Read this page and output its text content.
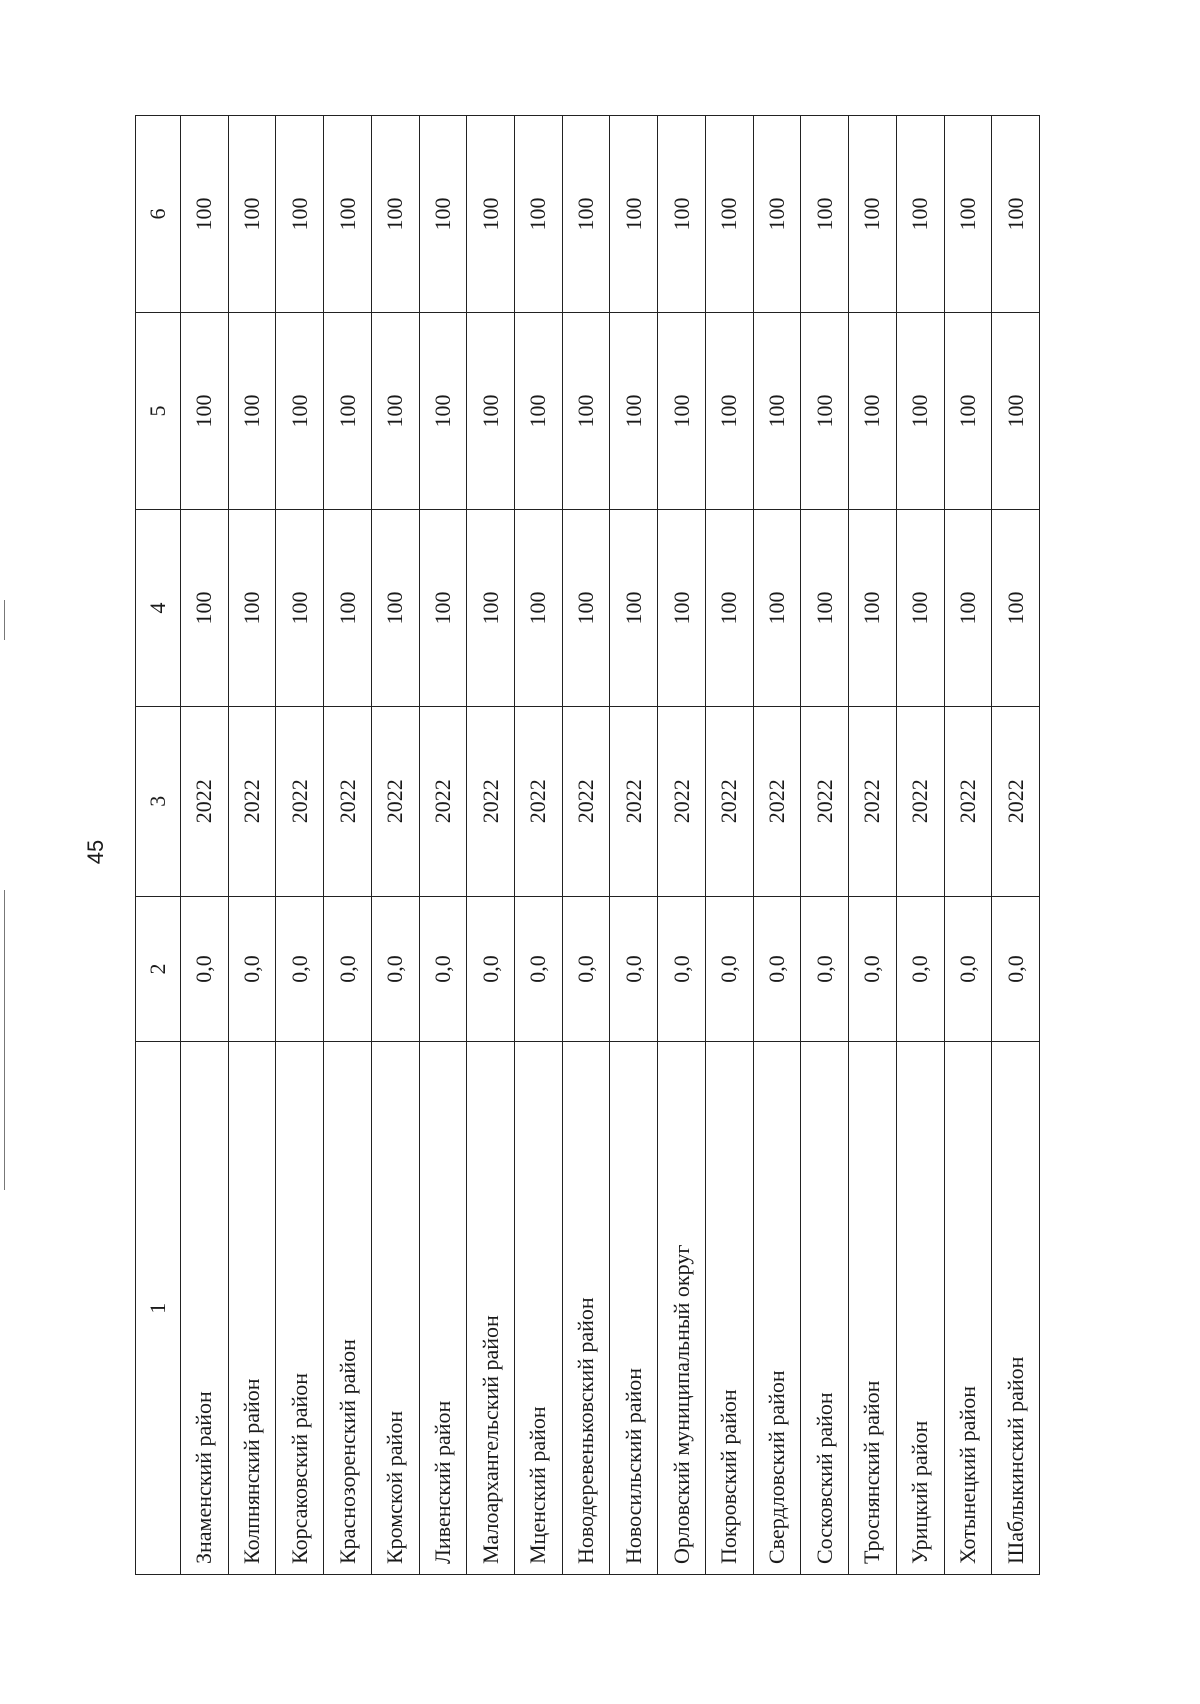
45
1	2	3	4	5	6
Знаменский район	0,0	2022	100	100	100
Колпнянский район	0,0	2022	100	100	100
Корсаковский район	0,0	2022	100	100	100
Краснозоренский район	0,0	2022	100	100	100
Кромской район	0,0	2022	100	100	100
Ливенский район	0,0	2022	100	100	100
Малоархангельский район	0,0	2022	100	100	100
Мценский район	0,0	2022	100	100	100
Новодеревеньковский район	0,0	2022	100	100	100
Новосильский район	0,0	2022	100	100	100
Орловский муниципальный округ	0,0	2022	100	100	100
Покровский район	0,0	2022	100	100	100
Свердловский район	0,0	2022	100	100	100
Сосковский район	0,0	2022	100	100	100
Троснянский район	0,0	2022	100	100	100
Урицкий район	0,0	2022	100	100	100
Хотынецкий район	0,0	2022	100	100	100
Шаблыкинский район	0,0	2022	100	100	100
